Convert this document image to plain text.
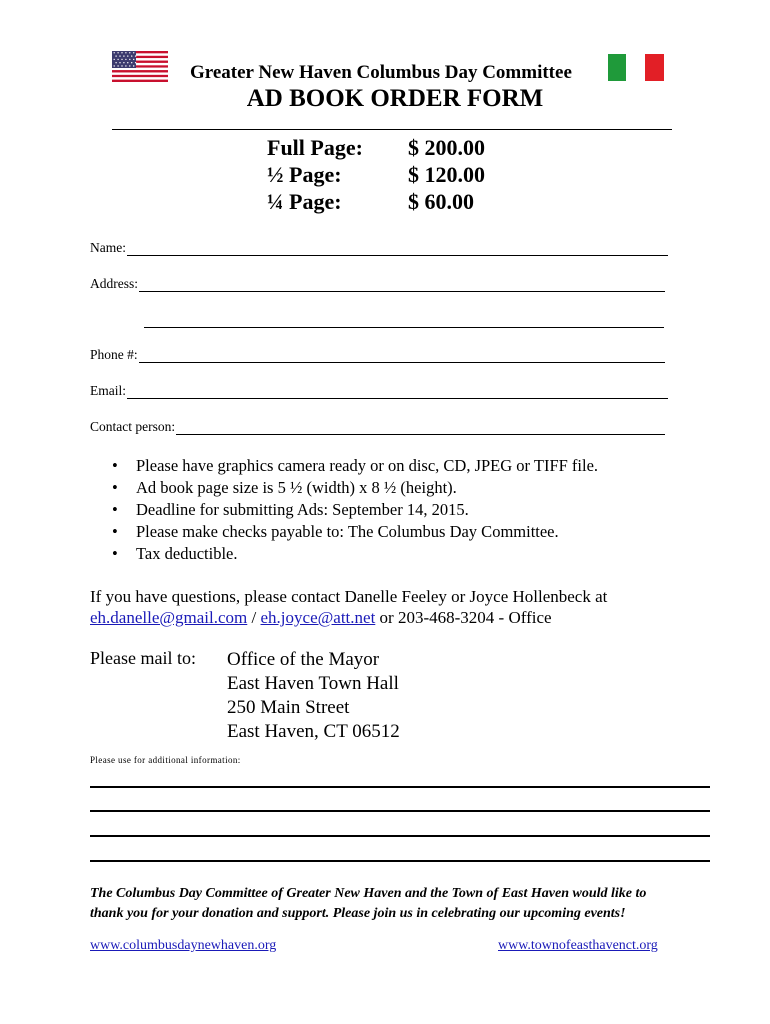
Greater New Haven Columbus Day Committee
AD BOOK ORDER FORM
Full Page: $ 200.00
½ Page:	$ 120.00
¼ Page:	$ 60.00
Name:
Address:
Phone #:
Email:
Contact person:
• Please have graphics camera ready or on disc, CD, JPEG or TIFF file.
• Ad book page size is 5 ½ (width) x 8 ½ (height).
• Deadline for submitting Ads: September 14, 2015.
• Please make checks payable to: The Columbus Day Committee.
• Tax deductible.
If you have questions, please contact Danelle Feeley or Joyce Hollenbeck at
eh.danelle@gmail.com / eh.joyce@att.net or 203-468-3204 - Office
Please mail to: Office of the Mayor
East Haven Town Hall
250 Main Street
East Haven, CT 06512
Please use for additional information:
The Columbus Day Committee of Greater New Haven and the Town of East Haven would like to
thank you for your donation and support. Please join us in celebrating our upcoming events!
www.columbusdaynewhaven.org	www.townofeasthavenct.org
